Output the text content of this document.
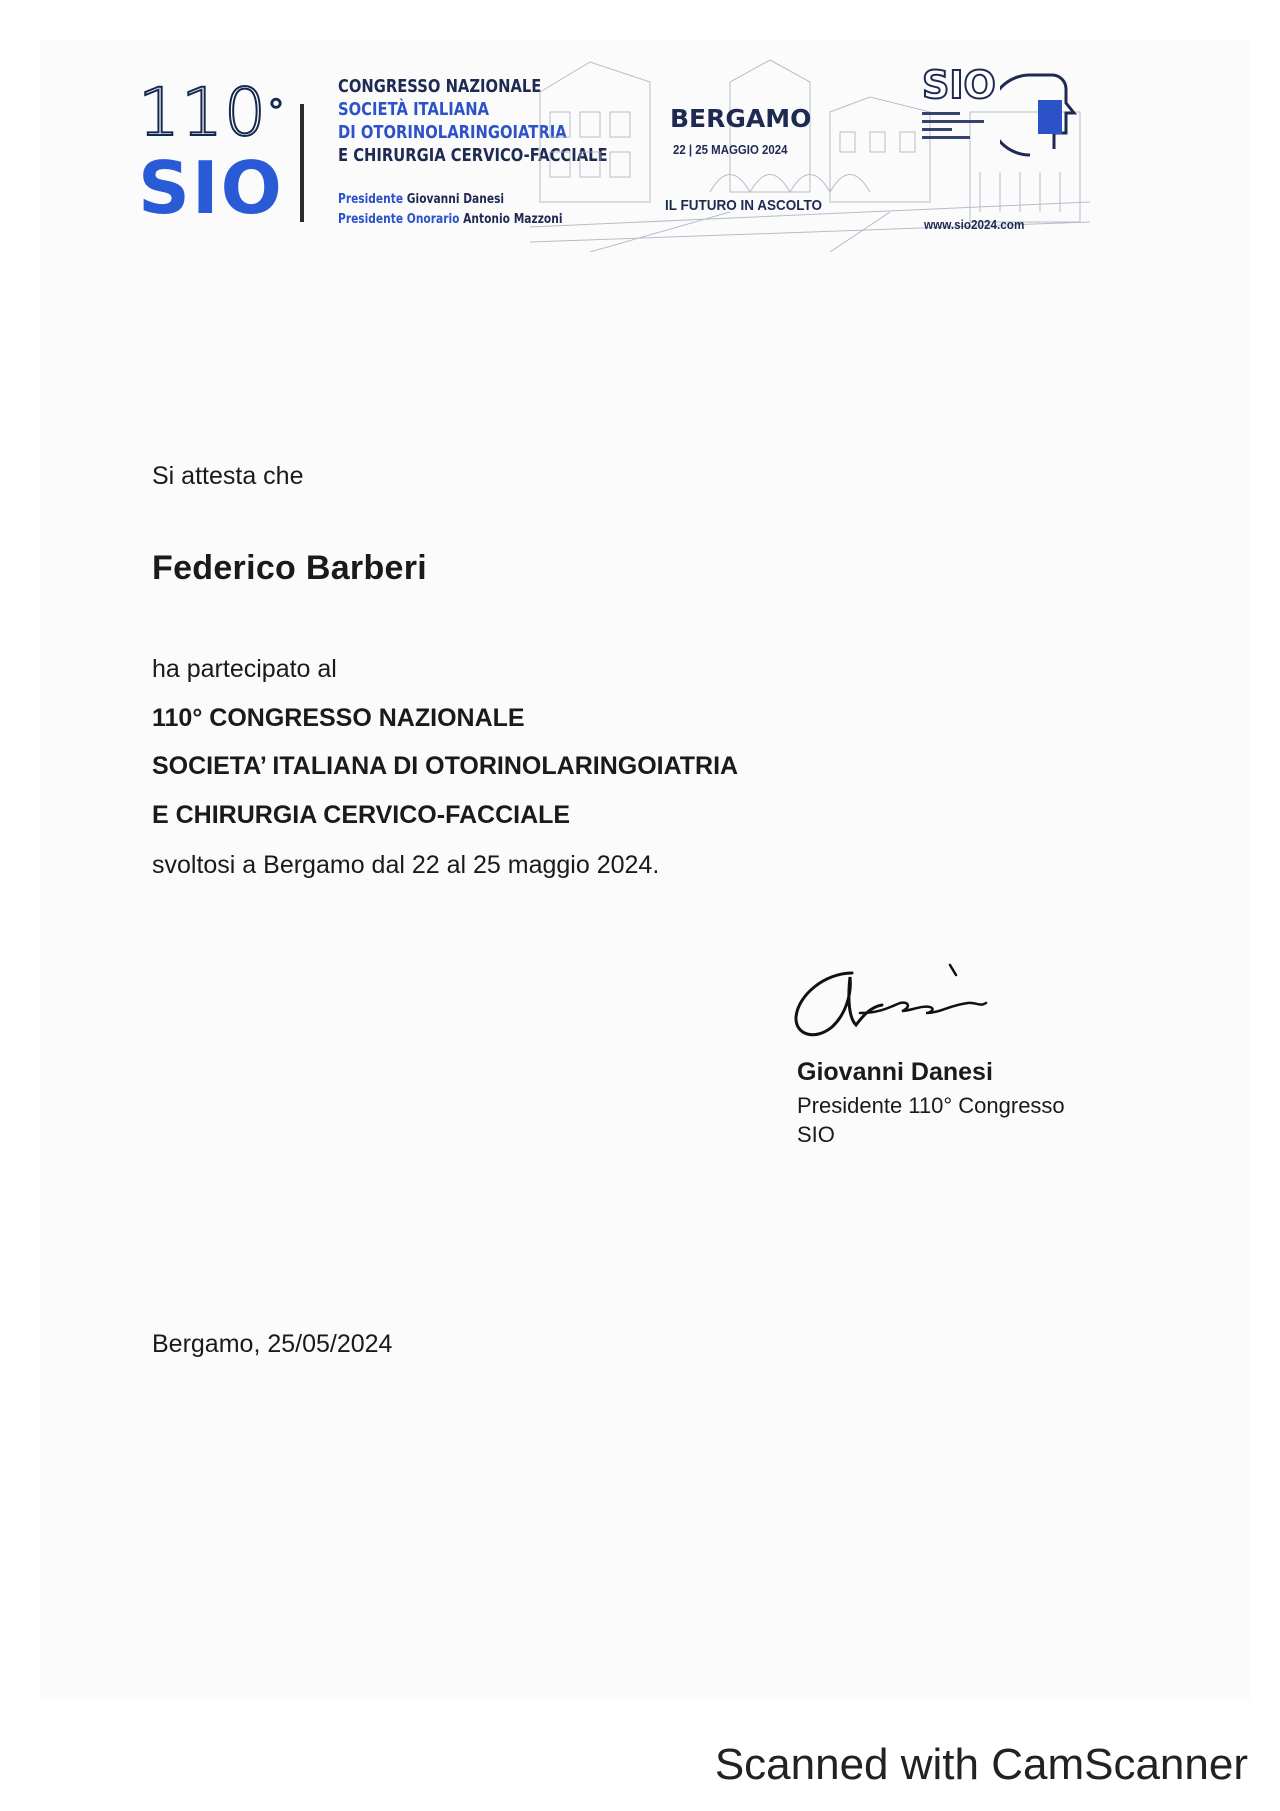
110°
SIO
CONGRESSO NAZIONALE
SOCIETÀ ITALIANA
DI OTORINOLARINGOIATRIA
E CHIRURGIA CERVICO-FACCIALE
Presidente Giovanni Danesi
Presidente Onorario Antonio Mazzoni
BERGAMO
22 | 25 MAGGIO 2024
IL FUTURO IN ASCOLTO
SIO
www.sio2024.com
Si attesta che
Federico Barberi
ha partecipato al
110° CONGRESSO NAZIONALE
SOCIETA’ ITALIANA DI OTORINOLARINGOIATRIA
E CHIRURGIA CERVICO-FACCIALE
svoltosi a Bergamo dal 22 al 25 maggio 2024.
Giovanni Danesi
Presidente 110° Congresso
SIO
Bergamo, 25/05/2024
Scanned with CamScanner
